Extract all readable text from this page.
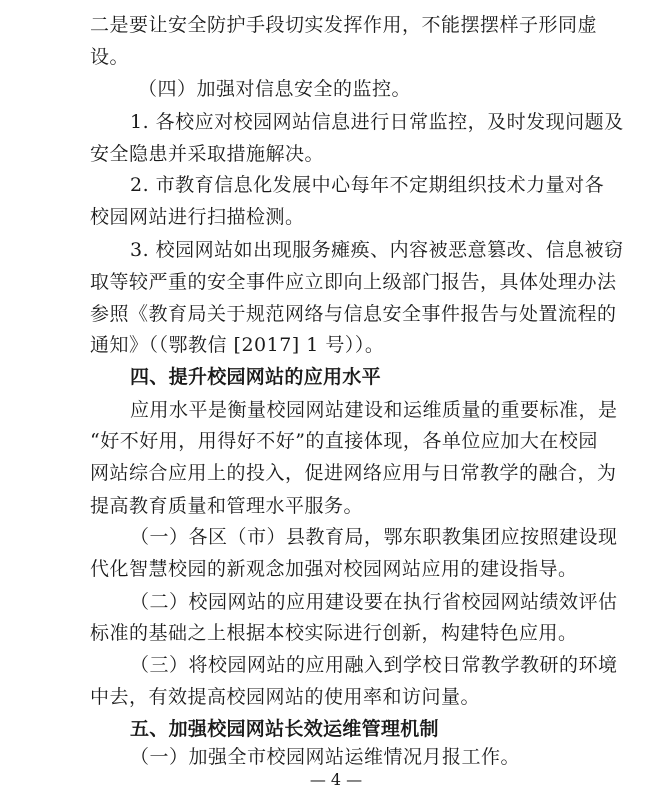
二是要让安全防护手段切实发挥作用，不能摆摆样子形同虚
设。
（四）加强对信息安全的监控。
1. 各校应对校园网站信息进行日常监控，及时发现问题及
安全隐患并采取措施解决。
2. 市教育信息化发展中心每年不定期组织技术力量对各
校园网站进行扫描检测。
3. 校园网站如出现服务瘫痪、内容被恶意篡改、信息被窃
取等较严重的安全事件应立即向上级部门报告，具体处理办法
参照《教育局关于规范网络与信息安全事件报告与处置流程的
通知》（（鄂教信 [2017] 1 号））。
四、提升校园网站的应用水平
应用水平是衡量校园网站建设和运维质量的重要标准，是
“好不好用，用得好不好”的直接体现，各单位应加大在校园
网站综合应用上的投入，促进网络应用与日常教学的融合，为
提高教育质量和管理水平服务。
（一）各区（市）县教育局，鄂东职教集团应按照建设现
代化智慧校园的新观念加强对校园网站应用的建设指导。
（二）校园网站的应用建设要在执行省校园网站绩效评估
标准的基础之上根据本校实际进行创新，构建特色应用。
（三）将校园网站的应用融入到学校日常教学教研的环境
中去，有效提高校园网站的使用率和访问量。
五、加强校园网站长效运维管理机制
（一）加强全市校园网站运维情况月报工作。
— 4 —
